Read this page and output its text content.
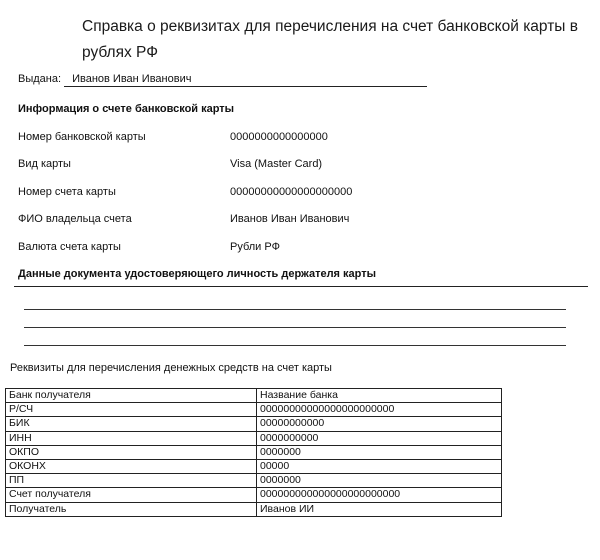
Справка о реквизитах для перечисления на счет банковской карты в рублях РФ
Выдана: Иванов Иван Иванович
Информация о счете банковской карты
Номер банковской карты	0000000000000000
Вид карты	Visa (Master Card)
Номер счета карты	00000000000000000000
ФИО владельца счета	Иванов Иван Иванович
Валюта счета карты	Рубли РФ
Данные документа удостоверяющего личность держателя карты
Реквизиты для перечисления денежных средств на счет карты
Банк получателя	Название банка
Р/СЧ	00000000000000000000000
БИК	00000000000
ИНН	0000000000
ОКПО	0000000
ОКОНХ	00000
ПП	0000000
Счет получателя	000000000000000000000000
Получатель	Иванов ИИ
